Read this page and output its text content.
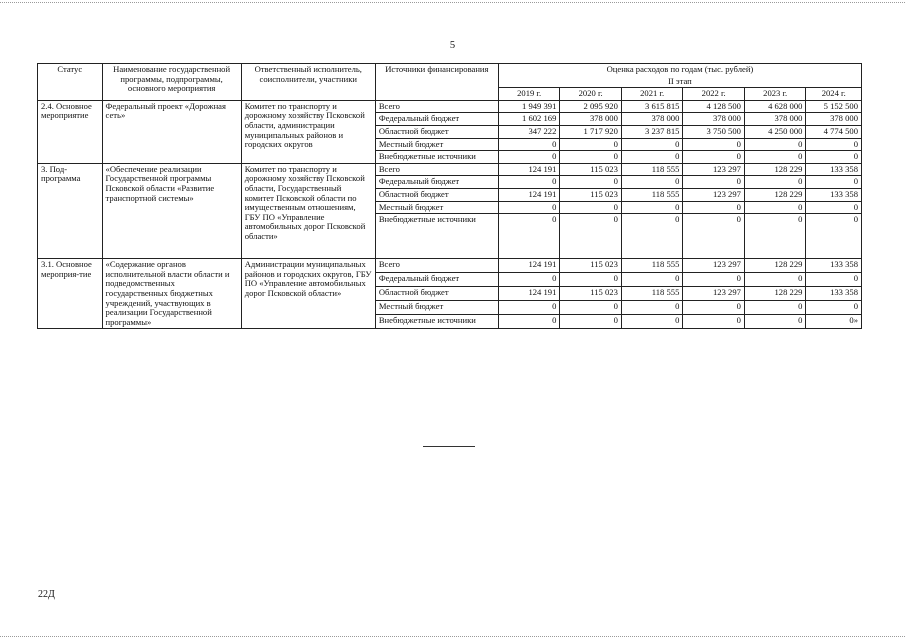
5
Статус	Наименование государственной программы, подпрограммы, основного мероприятия	Ответственный исполнитель, соисполнители, участники	Источники финансирования	Оценка расходов по годам (тыс. рублей)					
				II этап					
				2019 г.	2020 г.	2021 г.	2022 г.	2023 г.	2024 г.
2.4. Основное мероприятие	Федеральный проект «Дорожная сеть»	Комитет по транспорту и дорожному хозяйству Псковской области, администрации муниципальных районов и городских округов	Всего	1 949 391	2 095 920	3 615 815	4 128 500	4 628 000	5 152 500
			Федеральный бюджет	1 602 169	378 000	378 000	378 000	378 000	378 000
			Областной бюджет	347 222	1 717 920	3 237 815	3 750 500	4 250 000	4 774 500
			Местный бюджет	0	0	0	0	0	0
			Внебюджетные источники	0	0	0	0	0	0
3. Под-программа	«Обеспечение реализации Государственной программы Псковской области «Развитие транспортной системы»	Комитет по транспорту и дорожному хозяйству Псковской области, Государственный комитет Псковской области по имущественным отношениям, ГБУ ПО «Управление автомобильных дорог Псковской области»	Всего	124 191	115 023	118 555	123 297	128 229	133 358
			Федеральный бюджет	0	0	0	0	0	0
			Областной бюджет	124 191	115 023	118 555	123 297	128 229	133 358
			Местный бюджет	0	0	0	0	0	0
			Внебюджетные источники	0	0	0	0	0	0
3.1. Основное мероприя-тие	«Содержание органов исполнительной власти области и подведомственных государственных бюджетных учреждений, участвующих в реализации Государственной программы»	Администрации муниципальных районов и городских округов, ГБУ ПО «Управление автомобильных дорог Псковской области»	Всего	124 191	115 023	118 555	123 297	128 229	133 358
			Федеральный бюджет	0	0	0	0	0	0
			Областной бюджет	124 191	115 023	118 555	123 297	128 229	133 358
			Местный бюджет	0	0	0	0	0	0
			Внебюджетные источники	0	0	0	0	0	0»
22Д
